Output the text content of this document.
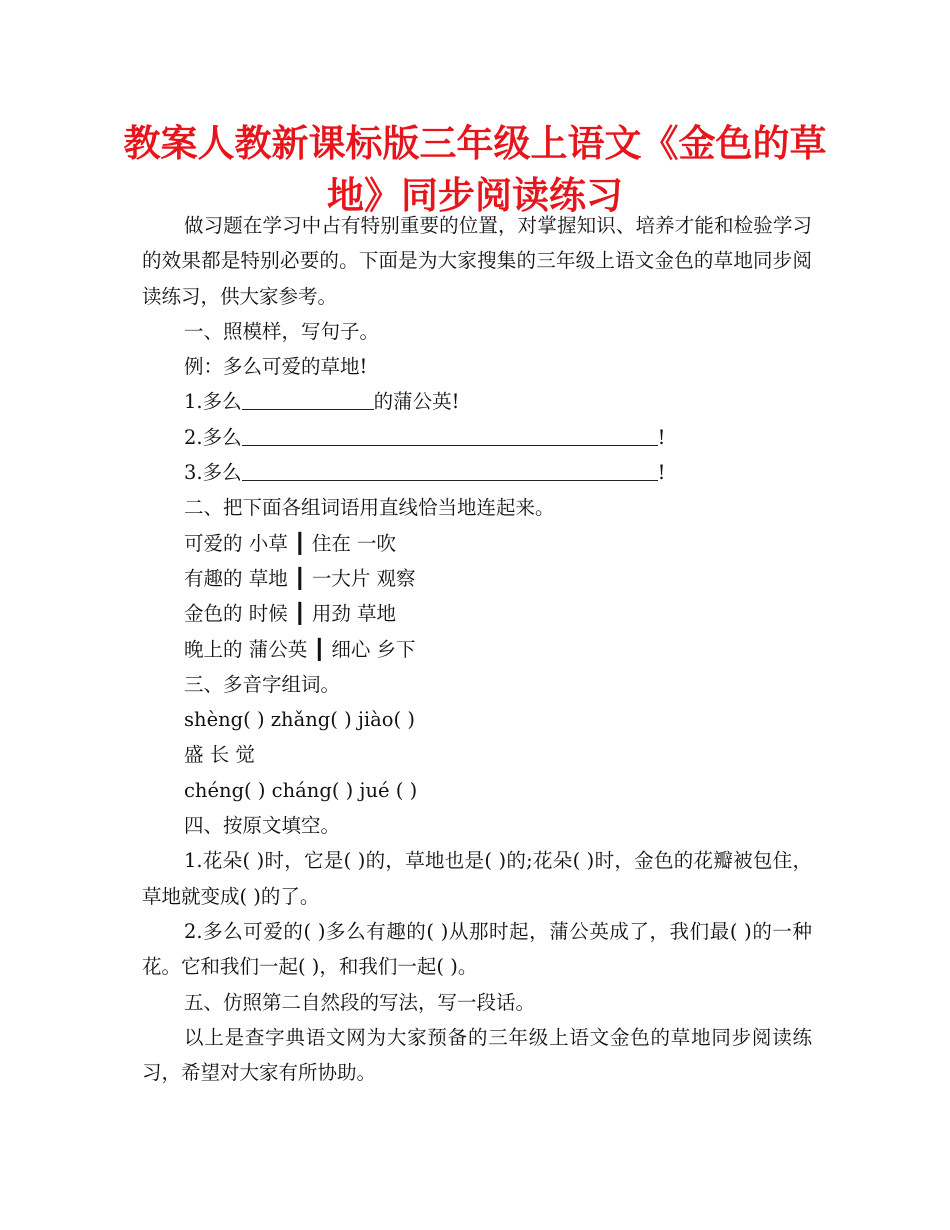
教案人教新课标版三年级上语文《金色的草地》同步阅读练习

做习题在学习中占有特别重要的位置，对掌握知识、培养才能和检验学习的效果都是特别必要的。下面是为大家搜集的三年级上语文金色的草地同步阅读练习，供大家参考。

一、照模样，写句子。

例：多么可爱的草地!

1.多么	的蒲公英!

2.多么	!

3.多么	!

二、把下面各组词语用直线恰当地连起来。

可爱的 小草 ┃ 住在 一吹

有趣的 草地 ┃ 一大片 观察

金色的 时候 ┃ 用劲 草地

晚上的 蒲公英 ┃ 细心 乡下

三、多音字组词。

shèng( ) zhǎng( ) jiào( )

盛 长 觉

chéng( ) cháng( ) jué ( )

四、按原文填空。

1.花朵( )时，它是( )的，草地也是( )的;花朵( )时，金色的花瓣被包住，草地就变成( )的了。

2.多么可爱的( )多么有趣的( )从那时起，蒲公英成了，我们最( )的一种花。它和我们一起( )，和我们一起( )。

五、仿照第二自然段的写法，写一段话。

以上是查字典语文网为大家预备的三年级上语文金色的草地同步阅读练习，希望对大家有所协助。
